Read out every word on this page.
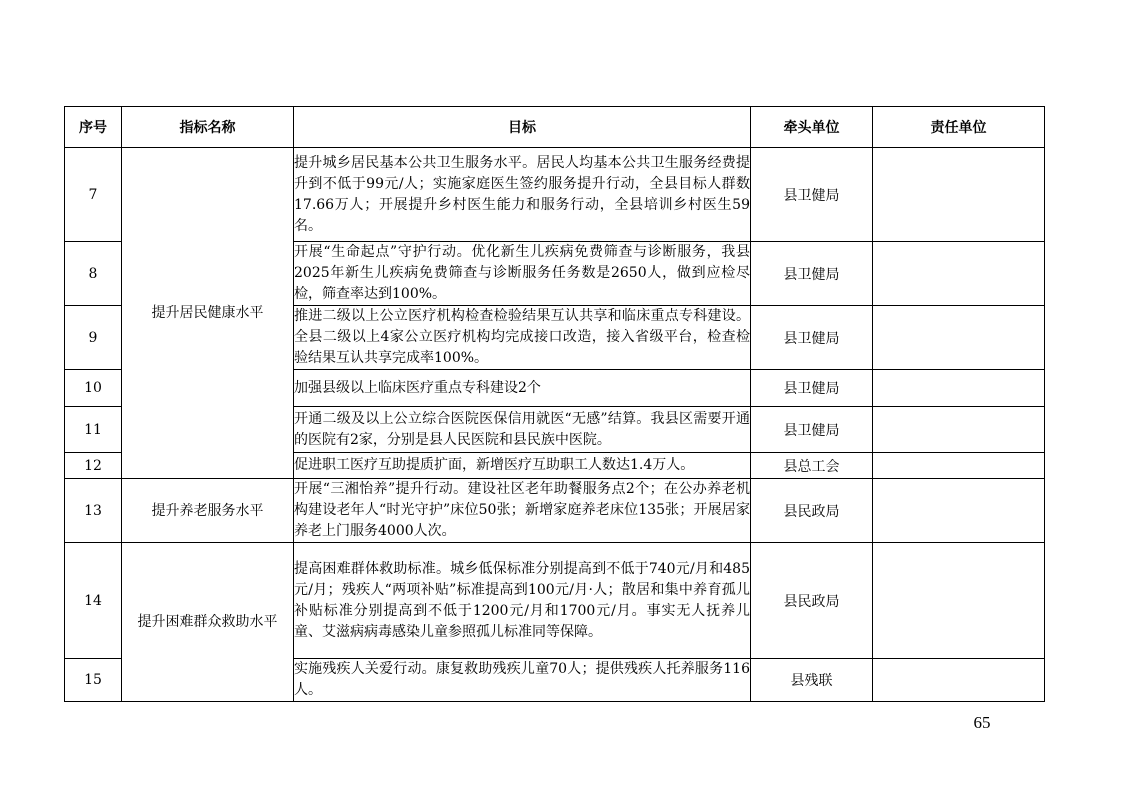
序号	指标名称	目标	牵头单位	责任单位
7	提升居民健康水平	提升城乡居民基本公共卫生服务水平。居民人均基本公共卫生服务经费提升到不低于99元/人；实施家庭医生签约服务提升行动，全县目标人群数17.66万人；开展提升乡村医生能力和服务行动，全县培训乡村医生59名。	县卫健局	
8		开展“生命起点”守护行动。优化新生儿疾病免费筛查与诊断服务，我县2025年新生儿疾病免费筛查与诊断服务任务数是2650人，做到应检尽检，筛查率达到100%。	县卫健局	
9		推进二级以上公立医疗机构检查检验结果互认共享和临床重点专科建设。全县二级以上4家公立医疗机构均完成接口改造，接入省级平台，检查检验结果互认共享完成率100%。	县卫健局	
10		加强县级以上临床医疗重点专科建设2个	县卫健局	
11		开通二级及以上公立综合医院医保信用就医“无感”结算。我县区需要开通的医院有2家，分别是县人民医院和县民族中医院。	县卫健局	
12		促进职工医疗互助提质扩面，新增医疗互助职工人数达1.4万人。	县总工会	
13	提升养老服务水平	开展“三湘怡养”提升行动。建设社区老年助餐服务点2个；在公办养老机构建设老年人“时光守护”床位50张；新增家庭养老床位135张；开展居家养老上门服务4000人次。	县民政局	
14	提升困难群众救助水平	提高困难群体救助标准。城乡低保标准分别提高到不低于740元/月和485元/月；残疾人“两项补贴”标准提高到100元/月·人；散居和集中养育孤儿补贴标准分别提高到不低于1200元/月和1700元/月。事实无人抚养儿童、艾滋病病毒感染儿童参照孤儿标准同等保障。	县民政局	
15		实施残疾人关爱行动。康复救助残疾儿童70人；提供残疾人托养服务116人。	县残联	
65
